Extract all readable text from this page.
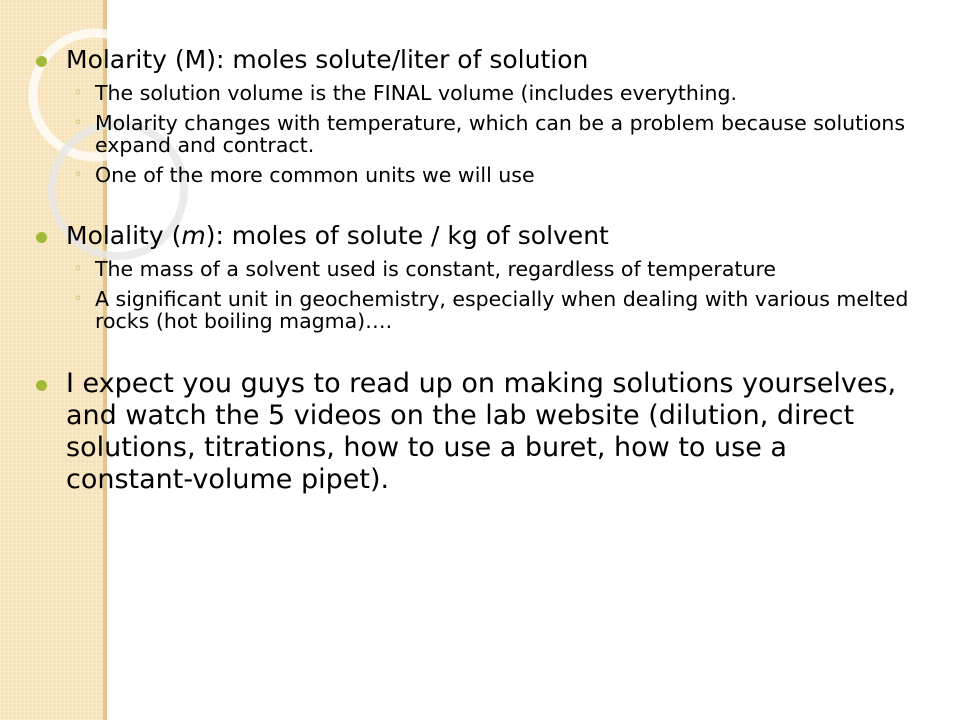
Molarity (M): moles solute/liter of solution
◦ The solution volume is the FINAL volume (includes everything.
◦ Molarity changes with temperature, which can be a problem because solutions expand and contract.
◦ One of the more common units we will use
Molality (m): moles of solute / kg of solvent
◦ The mass of a solvent used is constant, regardless of temperature
◦ A significant unit in geochemistry, especially when dealing with various melted rocks (hot boiling magma)….
I expect you guys to read up on making solutions yourselves, and watch the 5 videos on the lab website (dilution, direct solutions, titrations, how to use a buret, how to use a constant-volume pipet).
